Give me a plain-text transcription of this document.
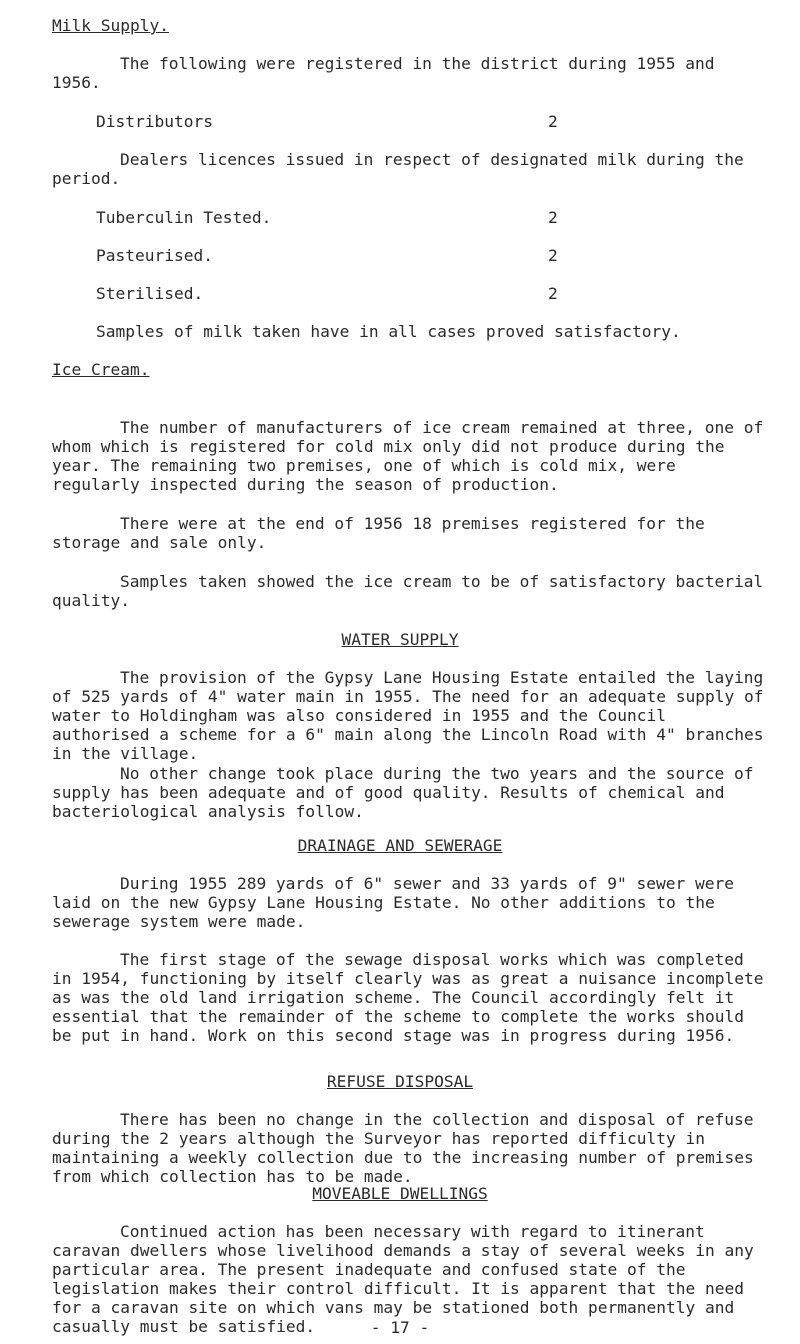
Milk Supply.
The following were registered in the district during 1955 and 1956.
Distributors	2
Dealers licences issued in respect of designated milk during the period.
Tuberculin Tested.	2
Pasteurised.	2
Sterilised.	2
Samples of milk taken have in all cases proved satisfactory.
Ice Cream.
The number of manufacturers of ice cream remained at three, one of whom which is registered for cold mix only did not produce during the year. The remaining two premises, one of which is cold mix, were regularly inspected during the season of production.
There were at the end of 1956 18 premises registered for the storage and sale only.
Samples taken showed the ice cream to be of satisfactory bacterial quality.
WATER SUPPLY
The provision of the Gypsy Lane Housing Estate entailed the laying of 525 yards of 4" water main in 1955. The need for an adequate supply of water to Holdingham was also considered in 1955 and the Council authorised a scheme for a 6" main along the Lincoln Road with 4" branches in the village.
No other change took place during the two years and the source of supply has been adequate and of good quality. Results of chemical and bacteriological analysis follow.
DRAINAGE AND SEWERAGE
During 1955 289 yards of 6" sewer and 33 yards of 9" sewer were laid on the new Gypsy Lane Housing Estate. No other additions to the sewerage system were made.
The first stage of the sewage disposal works which was completed in 1954, functioning by itself clearly was as great a nuisance incomplete as was the old land irrigation scheme. The Council accordingly felt it essential that the remainder of the scheme to complete the works should be put in hand. Work on this second stage was in progress during 1956.
REFUSE DISPOSAL
There has been no change in the collection and disposal of refuse during the 2 years although the Surveyor has reported difficulty in maintaining a weekly collection due to the increasing number of premises from which collection has to be made.
MOVEABLE DWELLINGS
Continued action has been necessary with regard to itinerant caravan dwellers whose livelihood demands a stay of several weeks in any particular area. The present inadequate and confused state of the legislation makes their control difficult. It is apparent that the need for a caravan site on which vans may be stationed both permanently and casually must be satisfied.	- 17 -
